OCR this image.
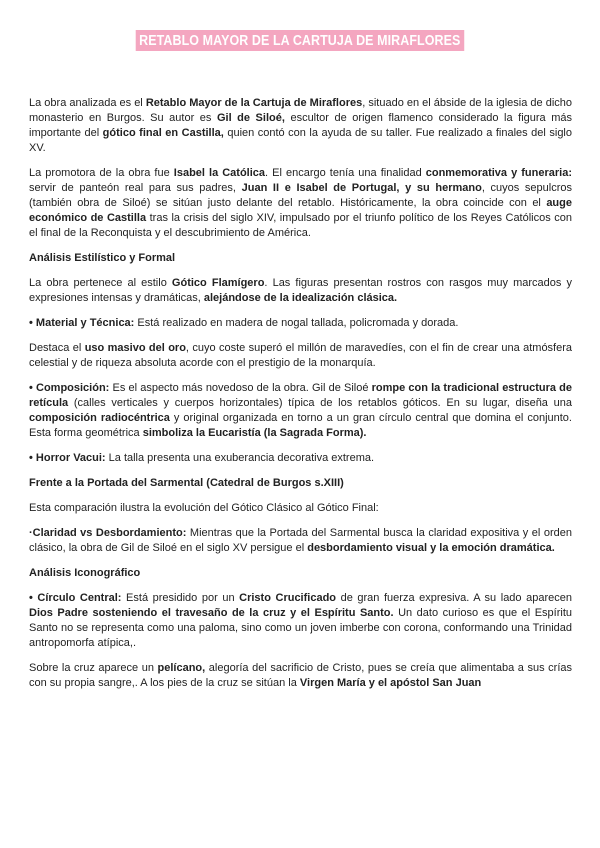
RETABLO MAYOR DE LA CARTUJA DE MIRAFLORES

La obra analizada es el Retablo Mayor de la Cartuja de Miraflores, situado en el ábside de la iglesia de dicho monasterio en Burgos. Su autor es Gil de Siloé, escultor de origen flamenco considerado la figura más importante del gótico final en Castilla, quien contó con la ayuda de su taller. Fue realizado a finales del siglo XV.

La promotora de la obra fue Isabel la Católica. El encargo tenía una finalidad conmemorativa y funeraria: servir de panteón real para sus padres, Juan II e Isabel de Portugal, y su hermano, cuyos sepulcros (también obra de Siloé) se sitúan justo delante del retablo. Históricamente, la obra coincide con el auge económico de Castilla tras la crisis del siglo XIV, impulsado por el triunfo político de los Reyes Católicos con el final de la Reconquista y el descubrimiento de América.

Análisis Estilístico y Formal

La obra pertenece al estilo Gótico Flamígero. Las figuras presentan rostros con rasgos muy marcados y expresiones intensas y dramáticas, alejándose de la idealización clásica.

• Material y Técnica: Está realizado en madera de nogal tallada, policromada y dorada.

Destaca el uso masivo del oro, cuyo coste superó el millón de maravedíes, con el fin de crear una atmósfera celestial y de riqueza absoluta acorde con el prestigio de la monarquía.

• Composición: Es el aspecto más novedoso de la obra. Gil de Siloé rompe con la tradicional estructura de retícula (calles verticales y cuerpos horizontales) típica de los retablos góticos. En su lugar, diseña una composición radiocéntrica y original organizada en torno a un gran círculo central que domina el conjunto. Esta forma geométrica simboliza la Eucaristía (la Sagrada Forma).

• Horror Vacui: La talla presenta una exuberancia decorativa extrema.

Frente a la Portada del Sarmental (Catedral de Burgos s.XIII)

Esta comparación ilustra la evolución del Gótico Clásico al Gótico Final:

·Claridad vs Desbordamiento: Mientras que la Portada del Sarmental busca la claridad expositiva y el orden clásico, la obra de Gil de Siloé en el siglo XV persigue el desbordamiento visual y la emoción dramática.

Análisis Iconográfico

• Círculo Central: Está presidido por un Cristo Crucificado de gran fuerza expresiva. A su lado aparecen Dios Padre sosteniendo el travesaño de la cruz y el Espíritu Santo. Un dato curioso es que el Espíritu Santo no se representa como una paloma, sino como un joven imberbe con corona, conformando una Trinidad antropomorfa atípica,.

Sobre la cruz aparece un pelícano, alegoría del sacrificio de Cristo, pues se creía que alimentaba a sus crías con su propia sangre,. A los pies de la cruz se sitúan la Virgen María y el apóstol San Juan
